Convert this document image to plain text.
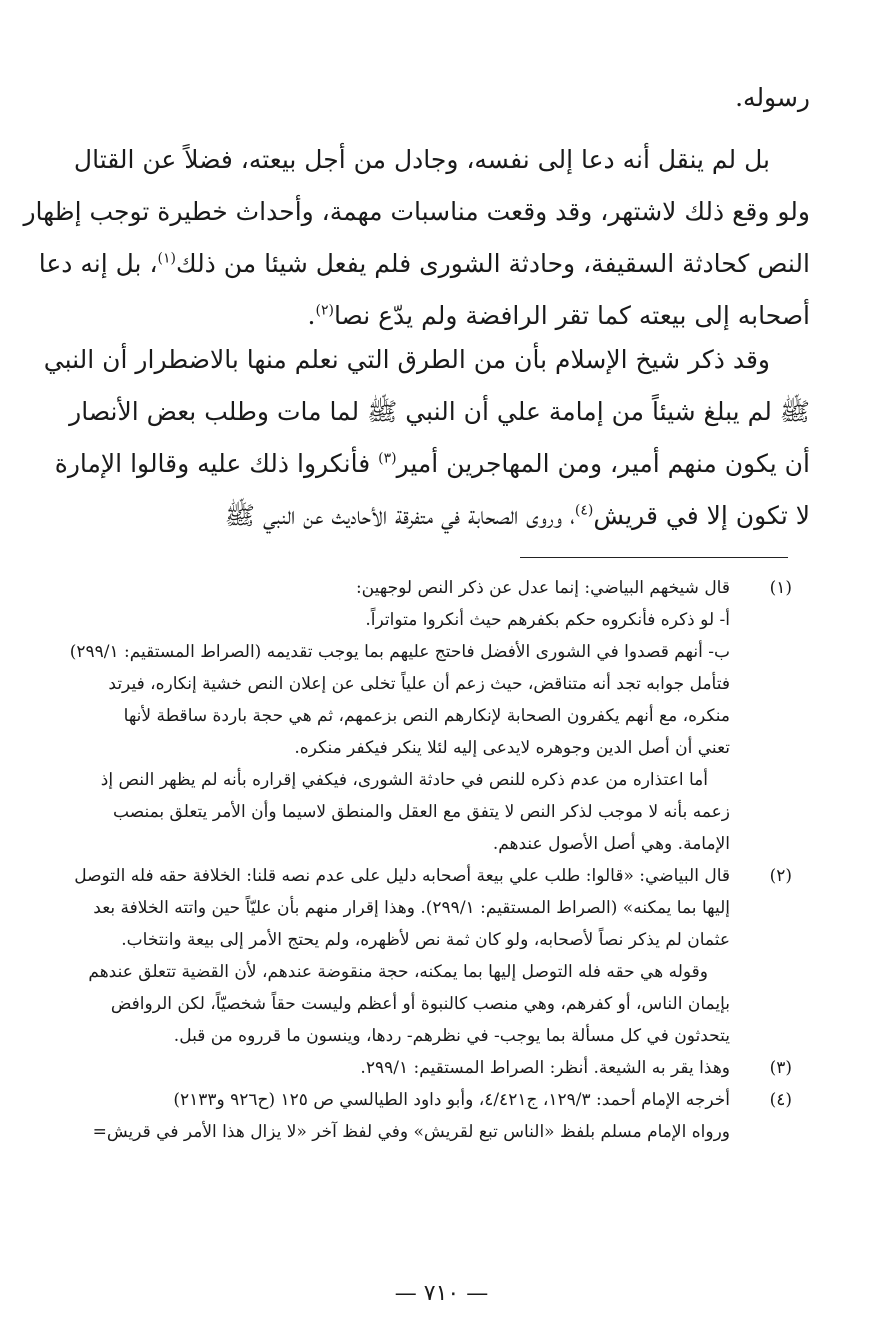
رسوله.

بل لم ينقل أنه دعا إلى نفسه، وجادل من أجل بيعته، فضلاً عن القتال
ولو وقع ذلك لاشتهر، وقد وقعت مناسبات مهمة، وأحداث خطيرة توجب إظهار
النص كحادثة السقيفة، وحادثة الشورى فلم يفعل شيئا من ذلك$^{(١)}$، بل إنه دعا
أصحابه إلى بيعته كما تقر الرافضة ولم يدّع نصا$^{(٢)}$.
وقد ذكر شيخ الإسلام بأن من الطرق التي نعلم منها بالاضطرار أن النبي
ﷺ لم يبلغ شيئاً من إمامة علي أن النبي ﷺ لما مات وطلب بعض الأنصار
أن يكون منهم أمير، ومن المهاجرين أمير$^{(٣)}$ فأنكروا ذلك عليه وقالوا الإمارة
لا تكون إلا في قريش$^{(٤)}$، وروى الصحابة في متفرقة الأحاديث عن النبي ﷺ
(١)
قال شيخهم البياضي: إنما عدل عن ذكر النص لوجهين:
أ- لو ذكره فأنكروه حكم بكفرهم حيث أنكروا متواتراً.
ب- أنهم قصدوا في الشورى الأفضل فاحتج عليهم بما يوجب تقديمه (الصراط المستقيم: ٢٩٩/١)
فتأمل جوابه تجد أنه متناقض، حيث زعم أن علياً تخلى عن إعلان النص خشية إنكاره، فيرتد
منكره، مع أنهم يكفرون الصحابة لإنكارهم النص بزعمهم، ثم هي حجة باردة ساقطة لأنها
تعني أن أصل الدين وجوهره لايدعى إليه لئلا ينكر فيكفر منكره.
أما اعتذاره من عدم ذكره للنص في حادثة الشورى، فيكفي إقراره بأنه لم يظهر النص إذ
زعمه بأنه لا موجب لذكر النص لا يتفق مع العقل والمنطق لاسيما وأن الأمر يتعلق بمنصب
الإمامة. وهي أصل الأصول عندهم.
(٢)
قال البياضي: «قالوا: طلب علي بيعة أصحابه دليل على عدم نصه قلنا: الخلافة حقه فله التوصل
إليها بما يمكنه» (الصراط المستقيم: ٢٩٩/١). وهذا إقرار منهم بأن عليّاً حين واتته الخلافة بعد
عثمان لم يذكر نصاً لأصحابه، ولو كان ثمة نص لأظهره، ولم يحتج الأمر إلى بيعة وانتخاب.
وقوله هي حقه فله التوصل إليها بما يمكنه، حجة منقوضة عندهم، لأن القضية تتعلق عندهم
بإيمان الناس، أو كفرهم، وهي منصب كالنبوة أو أعظم وليست حقاً شخصيّاً، لكن الروافض
يتحدثون في كل مسألة بما يوجب- في نظرهم- ردها، وينسون ما قرروه من قبل.
(٣)
وهذا يقر به الشيعة. أنظر: الصراط المستقيم: ٢٩٩/١.
(٤)
أخرجه الإمام أحمد: ١٢٩/٣، ج٤/٤٢١، وأبو داود الطيالسي ص ١٢٥ (ح٩٢٦ و٢١٣٣)
ورواه الإمام مسلم بلفظ «الناس تبع لقريش» وفي لفظ آخر «لا يزال هذا الأمر في قريش=
— ٧١٠ —
